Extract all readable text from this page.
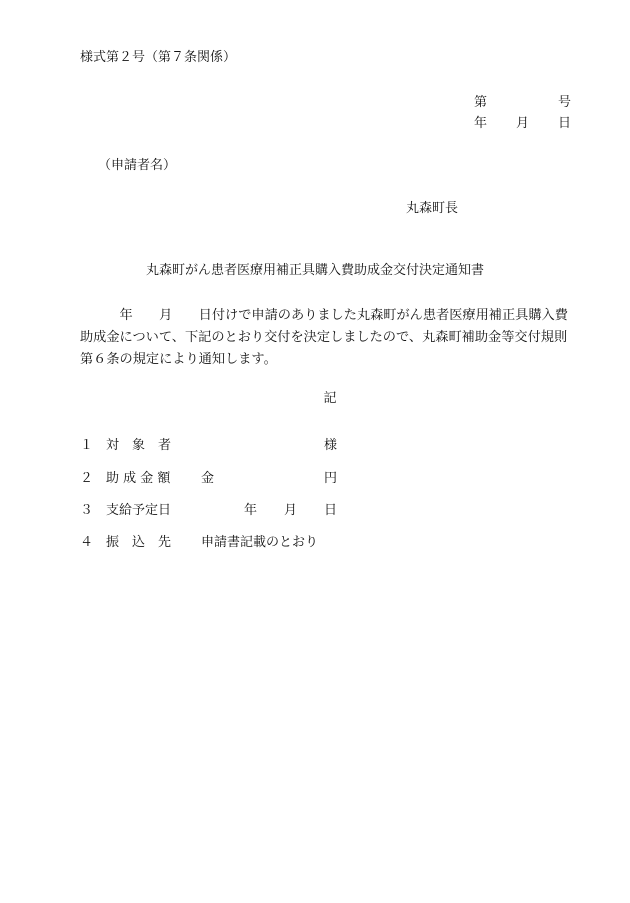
様式第２号（第７条関係）
第	号
年 月 日
（申請者名）
丸森町長
丸森町がん患者医療用補正具購入費助成金交付決定通知書
　　　年　　月　　日付けで申請のありました丸森町がん患者医療用補正具購入費
助成金について、下記のとおり交付を決定しましたので、丸森町補助金等交付規則
第６条の規定により通知します。
記
１ 対　象　者	様
２ 助 成 金 額 金	円
３ 支給予定日	年 月 日
４ 振　込　先 申請書記載のとおり
